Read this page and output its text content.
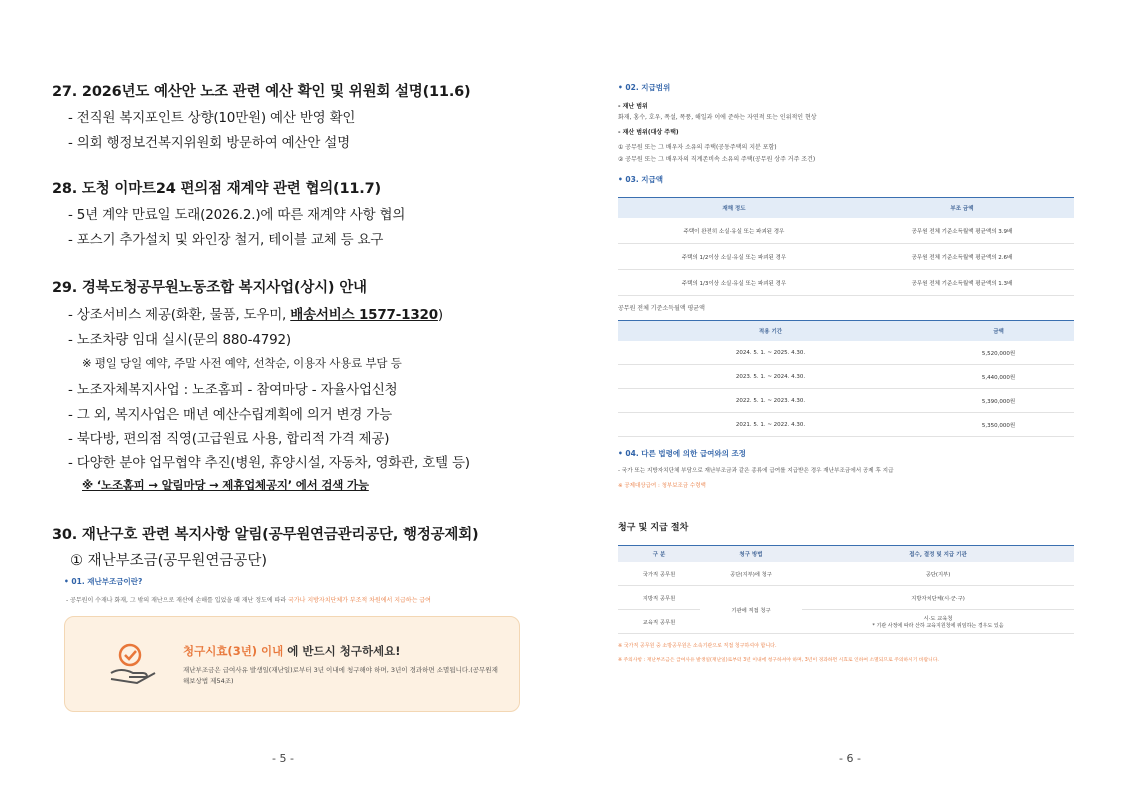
27. 2026년도 예산안 노조 관련 예산 확인 및 위원회 설명(11.6)
- 전직원 복지포인트 상향(10만원) 예산 반영 확인
- 의회 행정보건복지위원회 방문하여 예산안 설명
28. 도청 이마트24 편의점 재계약 관련 협의(11.7)
- 5년 계약 만료일 도래(2026.2.)에 따른 재계약 사항 협의
- 포스기 추가설치 및 와인장 철거, 테이블 교체 등 요구
29. 경북도청공무원노동조합 복지사업(상시) 안내
- 상조서비스 제공(화환, 물품, 도우미, 배송서비스 1577-1320)
- 노조차량 임대 실시(문의 880-4792)
※ 평일 당일 예약, 주말 사전 예약, 선착순, 이용자 사용료 부담 등
- 노조자체복지사업 : 노조홈피 - 참여마당 - 자율사업신청
- 그 외, 복지사업은 매년 예산수립계획에 의거 변경 가능
- 북다방, 편의점 직영(고급원료 사용, 합리적 가격 제공)
- 다양한 분야 업무협약 추진(병원, 휴양시설, 자동차, 영화관, 호텔 등)
※ ‘노조홈피 → 알림마당 → 제휴업체공지’ 에서 검색 가능
30. 재난구호 관련 복지사항 알림(공무원연금관리공단, 행정공제회)
① 재난부조금(공무원연금공단)
• 01. 재난부조금이란?
- 공무원이 수재나 화재, 그 밖의 재난으로 재산에 손해를 입었을 때 재난 정도에 따라 국가나 지방자치단체가 부조적 차원에서 지급하는 급여
청구시효(3년) 이내 에 반드시 청구하세요!
재난부조금은 급여사유 발생일(재난일)로부터 3년 이내에 청구해야 하며, 3년이 경과하면 소멸됩니다.(공무원재해보상법 제54조)
- 5 -
• 02. 지급범위
- 재난 범위
화재, 홍수, 호우, 폭설, 폭풍, 해일과 이에 준하는 자연적 또는 인위적인 현상
- 재산 범위(대상 주택)
① 공무원 또는 그 배우자 소유의 주택(공동주택의 지분 포함)
② 공무원 또는 그 배우자의 직계존비속 소유의 주택(공무원 상주 거주 조건)
• 03. 지급액
재해 정도	부조 금액
주택이 완전히 소실·유실 또는 파괴된 경우	공무원 전체 기준소득월액 평균액의 3.9배
주택의 1/2이상 소실·유실 또는 파괴된 경우	공무원 전체 기준소득월액 평균액의 2.6배
주택의 1/3이상 소실·유실 또는 파괴된 경우	공무원 전체 기준소득월액 평균액의 1.3배
공무원 전체 기준소득월액 평균액
적용 기간	금액
2024. 5. 1. ~ 2025. 4.30.	5,520,000원
2023. 5. 1. ~ 2024. 4.30.	5,440,000원
2022. 5. 1. ~ 2023. 4.30.	5,390,000원
2021. 5. 1. ~ 2022. 4.30.	5,350,000원
• 04. 다른 법령에 의한 급여와의 조정
- 국가 또는 지방자치단체 부담으로 재난부조금과 같은 종류에 급여를 지급받은 경우 재난부조금에서 공제 후 지급
※ 공제대상급여 : 청부보조금 수령액
청구 및 지급 절차
구 분	청구 방법	접수, 결정 및 지급 기관
국가직 공무원	공단(지부)에 청구	공단(지부)
지방직 공무원	기관에 직접 청구	지방자치단체(시·군·구)
교육직 공무원		시·도 교육청
* 기관 사정에 따라 산하 교육지원청에 위임하는 경우도 있음
※ 국가직 공무원 중 소방공무원은 소속기관으로 직접 청구하셔야 합니다.
※ 주의사항 : 재난부조금은 급여사유 발생일(재난일)로부터 3년 이내에 청구하셔야 하며, 3년이 경과하면 시효로 인하여 소멸되므로 주의하시기 바랍니다.
- 6 -
